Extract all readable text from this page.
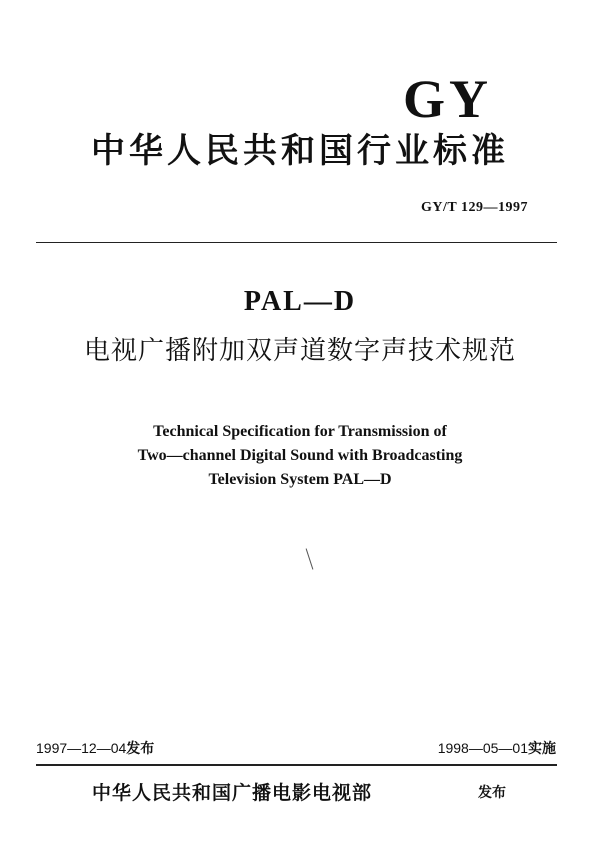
GY
中华人民共和国行业标准
GY/T 129—1997
PAL—D
电视广播附加双声道数字声技术规范
Technical Specification for Transmission of
Two—channel Digital Sound with Broadcasting
Television System PAL—D
1997—12—04发布	1998—05—01实施
中华人民共和国广播电影电视部	发布
